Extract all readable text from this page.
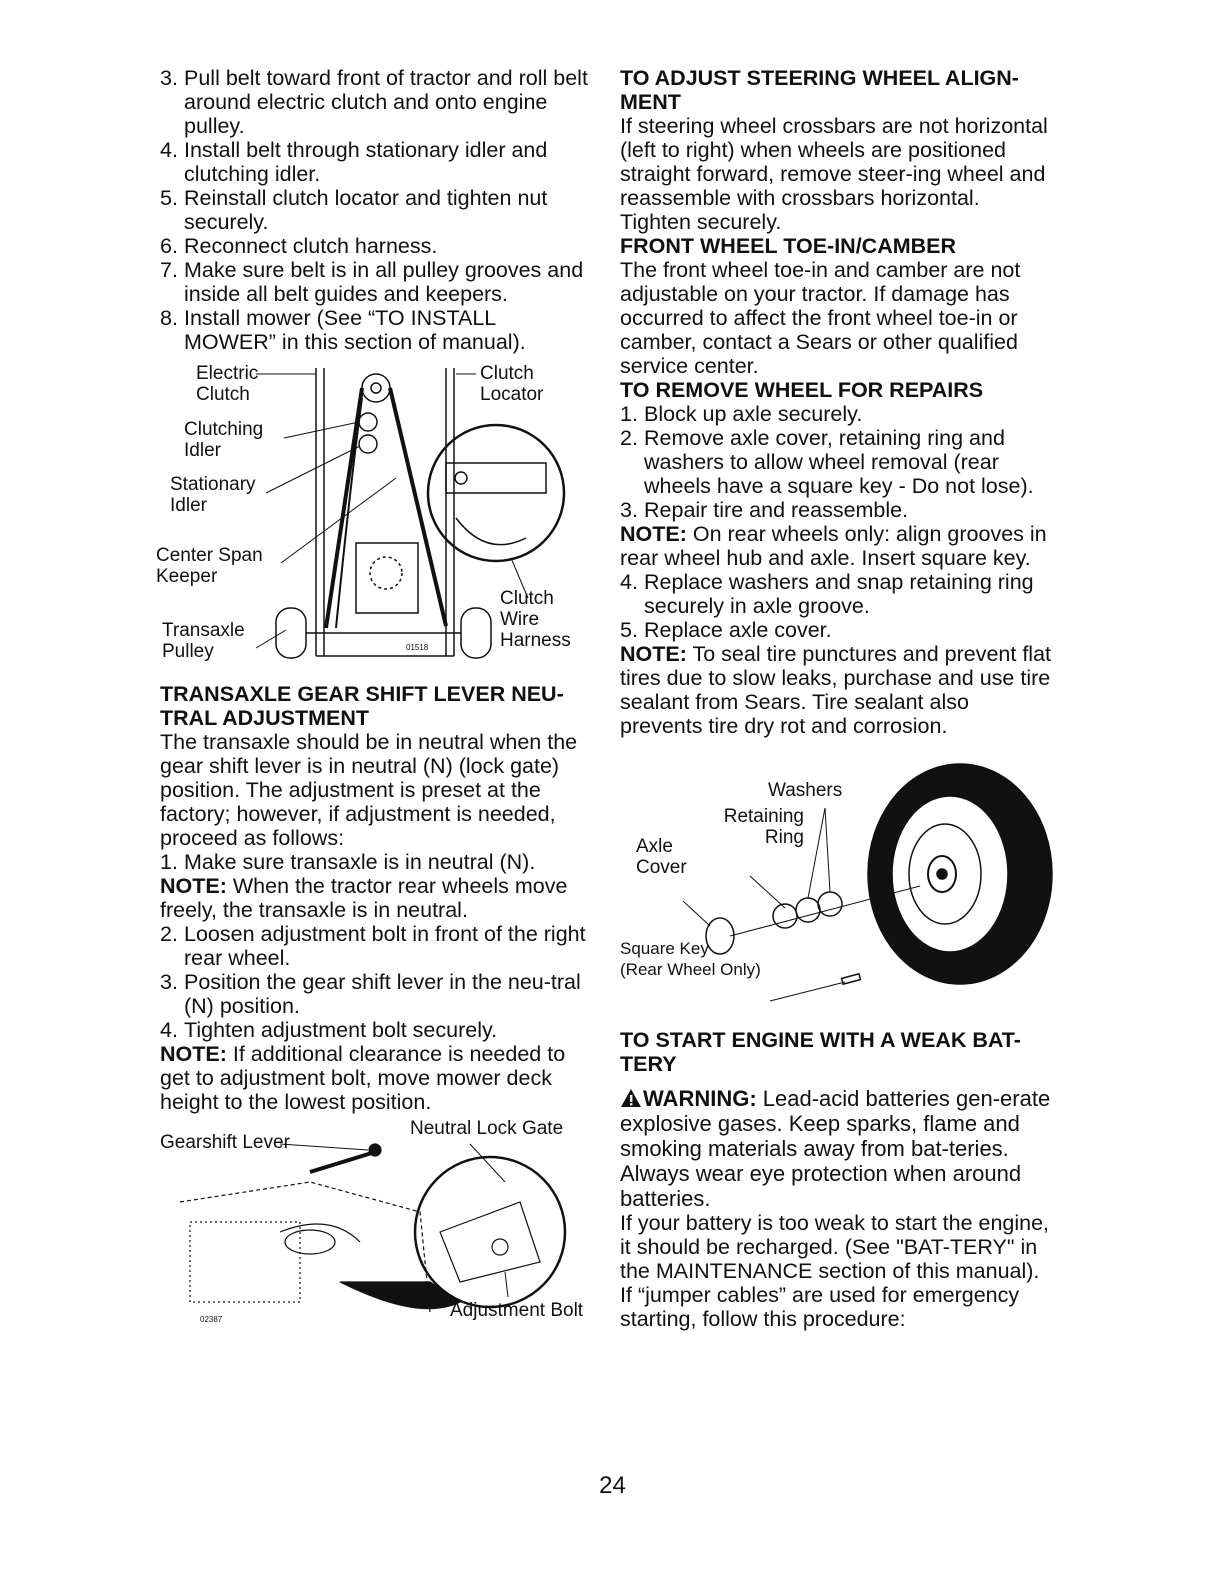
3. Pull belt toward front of tractor and roll belt around electric clutch and onto engine pulley.
4. Install belt through stationary idler and clutching idler.
5. Reinstall clutch locator and tighten nut securely.
6. Reconnect clutch harness.
7. Make sure belt is in all pulley grooves and inside all belt guides and keepers.
8. Install mower (See “TO INSTALL MOWER” in this section of manual).
01518
Electric
Clutch
Clutching
Idler
Stationary
Idler
Center Span
Keeper
Transaxle
Pulley
Clutch
Locator
Clutch
Wire
Harness

TRANSAXLE GEAR SHIFT LEVER NEU-TRAL ADJUSTMENT

The transaxle should be in neutral when the gear shift lever is in neutral (N) (lock gate) position. The adjustment is preset at the factory; however, if adjustment is needed, proceed as follows:

1. Make sure transaxle is in neutral (N).

NOTE: When the tractor rear wheels move freely, the transaxle is in neutral.

2. Loosen adjustment bolt in front of the right rear wheel.
3. Position the gear shift lever in the neu-tral (N) position.
4. Tighten adjustment bolt securely.

NOTE: If additional clearance is needed to get to adjustment bolt, move mower deck height to the lowest position.

02387
Gearshift Lever
Neutral Lock Gate
Adjustment Bolt

TO ADJUST STEERING WHEEL ALIGN-MENT

If steering wheel crossbars are not horizontal (left to right) when wheels are positioned straight forward, remove steer-ing wheel and reassemble with crossbars horizontal. Tighten securely.

FRONT WHEEL TOE-IN/CAMBER

The front wheel toe-in and camber are not adjustable on your tractor. If damage has occurred to affect the front wheel toe-in or camber, contact a Sears or other qualified service center.

TO REMOVE WHEEL FOR REPAIRS

1. Block up axle securely.
2. Remove axle cover, retaining ring and washers to allow wheel removal (rear wheels have a square key - Do not lose).
3. Repair tire and reassemble.

NOTE: On rear wheels only: align grooves in rear wheel hub and axle. Insert square key.

4. Replace washers and snap retaining ring securely in axle groove.
5. Replace axle cover.

NOTE: To seal tire punctures and prevent flat tires due to slow leaks, purchase and use tire sealant from Sears. Tire sealant also prevents tire dry rot and corrosion.

02458
Washers
Retaining
Ring
Axle
Cover
Square Key
(Rear Wheel Only)

TO START ENGINE WITH A WEAK BAT-TERY

WARNING: Lead-acid batteries gen-erate explosive gases. Keep sparks, flame and smoking materials away from bat-teries. Always wear eye protection when around batteries.

If your battery is too weak to start the engine, it should be recharged. (See "BAT-TERY" in the MAINTENANCE section of this manual).

If “jumper cables” are used for emergency starting, follow this procedure:

24
